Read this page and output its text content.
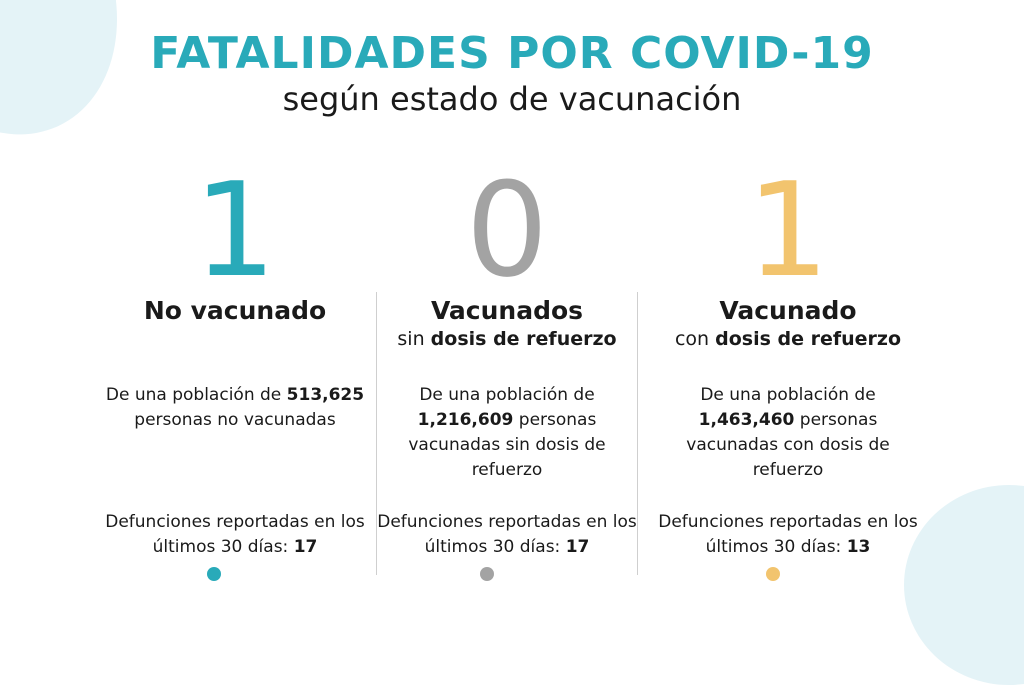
FATALIDADES POR COVID-19
según estado de vacunación
1
No vacunado
De una población de 513,625 personas no vacunadas
Defunciones reportadas en los últimos 30 días: 17
0
Vacunados
sin dosis de refuerzo
De una población de 1,216,609 personas vacunadas sin dosis de refuerzo
Defunciones reportadas en los últimos 30 días: 17
1
Vacunado
con dosis de refuerzo
De una población de 1,463,460 personas vacunadas con dosis de refuerzo
Defunciones reportadas en los últimos 30 días: 13
